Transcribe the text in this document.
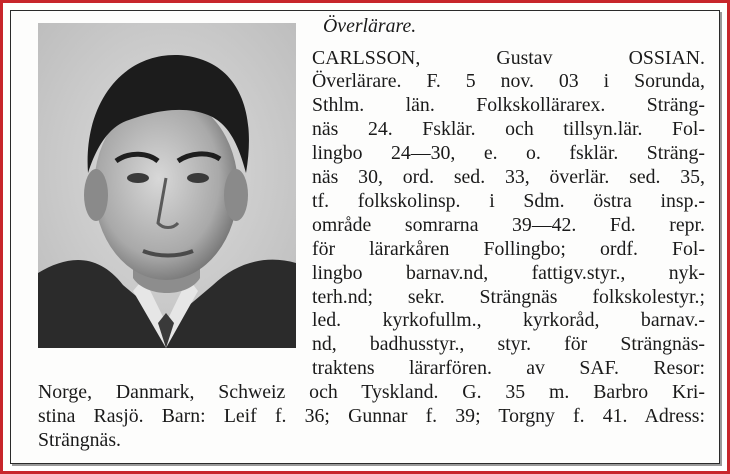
Överlärare.
CARLSSON, Gustav OSSIAN.
Överlärare. F. 5 nov. 03 i Sorunda,
Sthlm. län. Folkskollärarex. Sträng-
näs 24. Fsklär. och tillsyn.lär. Fol-
lingbo 24—30, e. o. fsklär. Sträng-
näs 30, ord. sed. 33, överlär. sed. 35,
tf. folkskolinsp. i Sdm. östra insp.-
område somrarna 39—42. Fd. repr.
för lärarkåren Follingbo; ordf. Fol-
lingbo barnav.nd, fattigv.styr., nyk-
terh.nd; sekr. Strängnäs folkskolestyr.;
led. kyrkofullm., kyrkoråd, barnav.-
nd, badhusstyr., styr. för Strängnäs-
traktens lärarfören. av SAF. Resor:
Norge, Danmark, Schweiz och Tyskland. G. 35 m. Barbro Kri-
stina Rasjö. Barn: Leif f. 36; Gunnar f. 39; Torgny f. 41. Adress:
Strängnäs.
